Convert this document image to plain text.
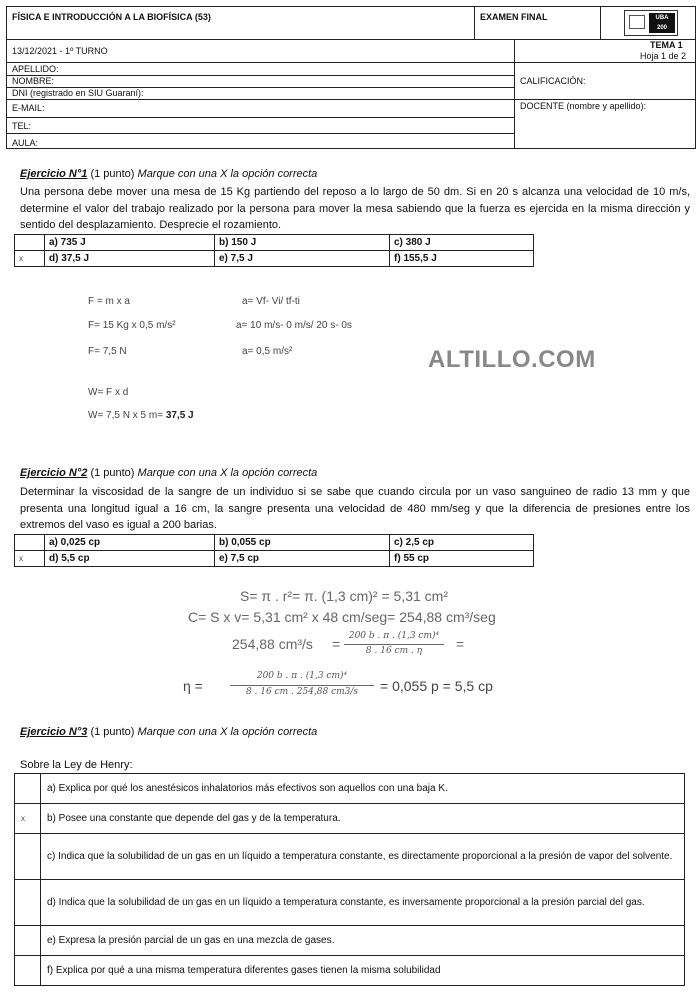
FÍSICA E INTRODUCCIÓN A LA BIOFÍSICA (53)	EXAMEN FINAL	UBA
200
13/12/2021 - 1º TURNO
TEMA 1
Hoja 1 de 2
APELLIDO:
NOMBRE:
DNI (registrado en SIU Guaraní):
E-MAIL:
TEL:
AULA:
CALIFICACIÓN:
DOCENTE (nombre y apellido):
Ejercicio N°1 (1 punto) Marque con una X la opción correcta
Una persona debe mover una mesa de 15 Kg partiendo del reposo a lo largo de 50 dm. Si en 20 s alcanza una velocidad de 10 m/s, determine el valor del trabajo realizado por la persona para mover la mesa sabiendo que la fuerza es ejercida en la misma dirección y sentido del desplazamiento. Desprecie el rozamiento.
	a) 735 J	b) 150 J	c) 380 J
x	d) 37,5 J	e) 7,5 J	f) 155,5 J
F = m x a
F= 15 Kg x 0,5 m/s²
F= 7,5 N
W= F x d
W= 7,5 N x 5 m= 37,5 J
a= Vf- Vi/ tf-ti
a= 10 m/s- 0 m/s/ 20 s- 0s
a= 0,5 m/s²	ALTILLO.COM
Ejercicio N°2 (1 punto) Marque con una X la opción correcta
Determinar la viscosidad de la sangre de un individuo si se sabe que cuando circula por un vaso sanguineo de radio 13 mm y que presenta una longitud igual a 16 cm, la sangre presenta una velocidad de 480 mm/seg y que la diferencia de presiones entre los extremos del vaso es igual a 200 barias.
	a) 0,025 cp	b) 0,055 cp	c) 2,5 cp
x	d) 5,5 cp	e) 7,5 cp	f) 55 cp
S= π . r²= π. (1,3 cm)² = 5,31 cm²
C= S x v= 5,31 cm² x 48 cm/seg= 254,88 cm³/seg
254,88 cm³/s = 200 b . π . (1,3 cm)⁴
8 . 16 cm . η	=
η =
200 b . π . (1,3 cm)⁴
8 . 16 cm . 254,88 cm3/s	= 0,055 p = 5,5 cp
Ejercicio N°3 (1 punto) Marque con una X la opción correcta
Sobre la Ley de Henry:
	a) Explica por qué los anestésicos inhalatorios más efectivos son aquellos con una baja K.
x	b) Posee una constante que depende del gas y de la temperatura.
	c) Indica que la solubilidad de un gas en un líquido a temperatura constante, es directamente proporcional a la presión de vapor del solvente.
	d) Indica que la solubilidad de un gas en un líquido a temperatura constante, es inversamente proporcional a la presión parcial del gas.
	e) Expresa la presión parcial de un gas en una mezcla de gases.
	f) Explica por qué a una misma temperatura diferentes gases tienen la misma solubilidad
